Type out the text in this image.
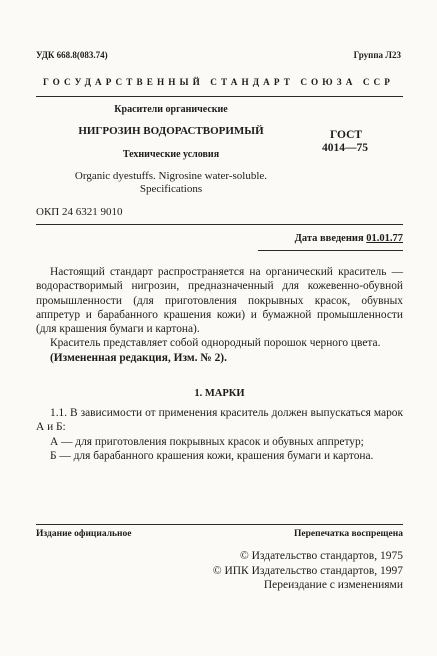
УДК 668.8(083.74)	Группа Л23
ГОСУДАРСТВЕННЫЙ СТАНДАРТ СОЮЗА ССР
Красители органические
НИГРОЗИН ВОДОРАСТВОРИМЫЙ
Технические условия
Organic dyestuffs. Nigrosine water-soluble.
Specifications
ГОСТ
4014—75
ОКП 24 6321 9010
Дата введения 01.01.77

Настоящий стандарт распространяется на органический краситель — водорастворимый нигрозин, предназначенный для кожевенно-обувной промышленности (для приготовления покрывных красок, обувных аппретур и барабанного крашения кожи) и бумажной промышленности (для крашения бумаги и картона).

Краситель представляет собой однородный порошок черного цвета.

(Измененная редакция, Изм. № 2).

1. МАРКИ

1.1. В зависимости от применения краситель должен выпускаться марок А и Б:

А — для приготовления покрывных красок и обувных аппретур;

Б — для барабанного крашения кожи, крашения бумаги и картона.

Издание официальное	Перепечатка воспрещена
© Издательство стандартов, 1975
© ИПК Издательство стандартов, 1997
Переиздание с изменениями
